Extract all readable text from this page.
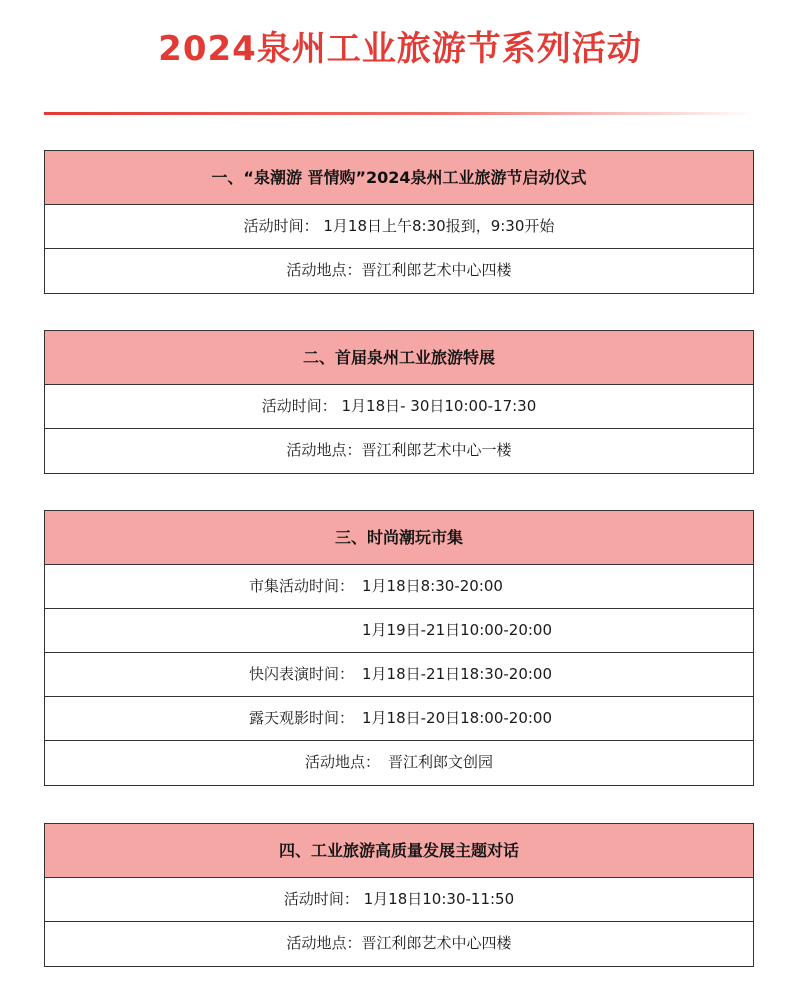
2024泉州工业旅游节系列活动
一、“泉潮游 晋情购”2024泉州工业旅游节启动仪式
活动时间： 1月18日上午8:30报到，9:30开始
活动地点：晋江利郎艺术中心四楼
二、首届泉州工业旅游特展
活动时间： 1月18日- 30日10:00-17:30
活动地点：晋江利郎艺术中心一楼
三、时尚潮玩市集
市集活动时间： 1月18日8:30-20:00
1月19日-21日10:00-20:00
快闪表演时间： 1月18日-21日18:30-20:00
露天观影时间： 1月18日-20日18:00-20:00
活动地点： 晋江利郎文创园
四、工业旅游高质量发展主题对话
活动时间： 1月18日10:30-11:50
活动地点：晋江利郎艺术中心四楼
